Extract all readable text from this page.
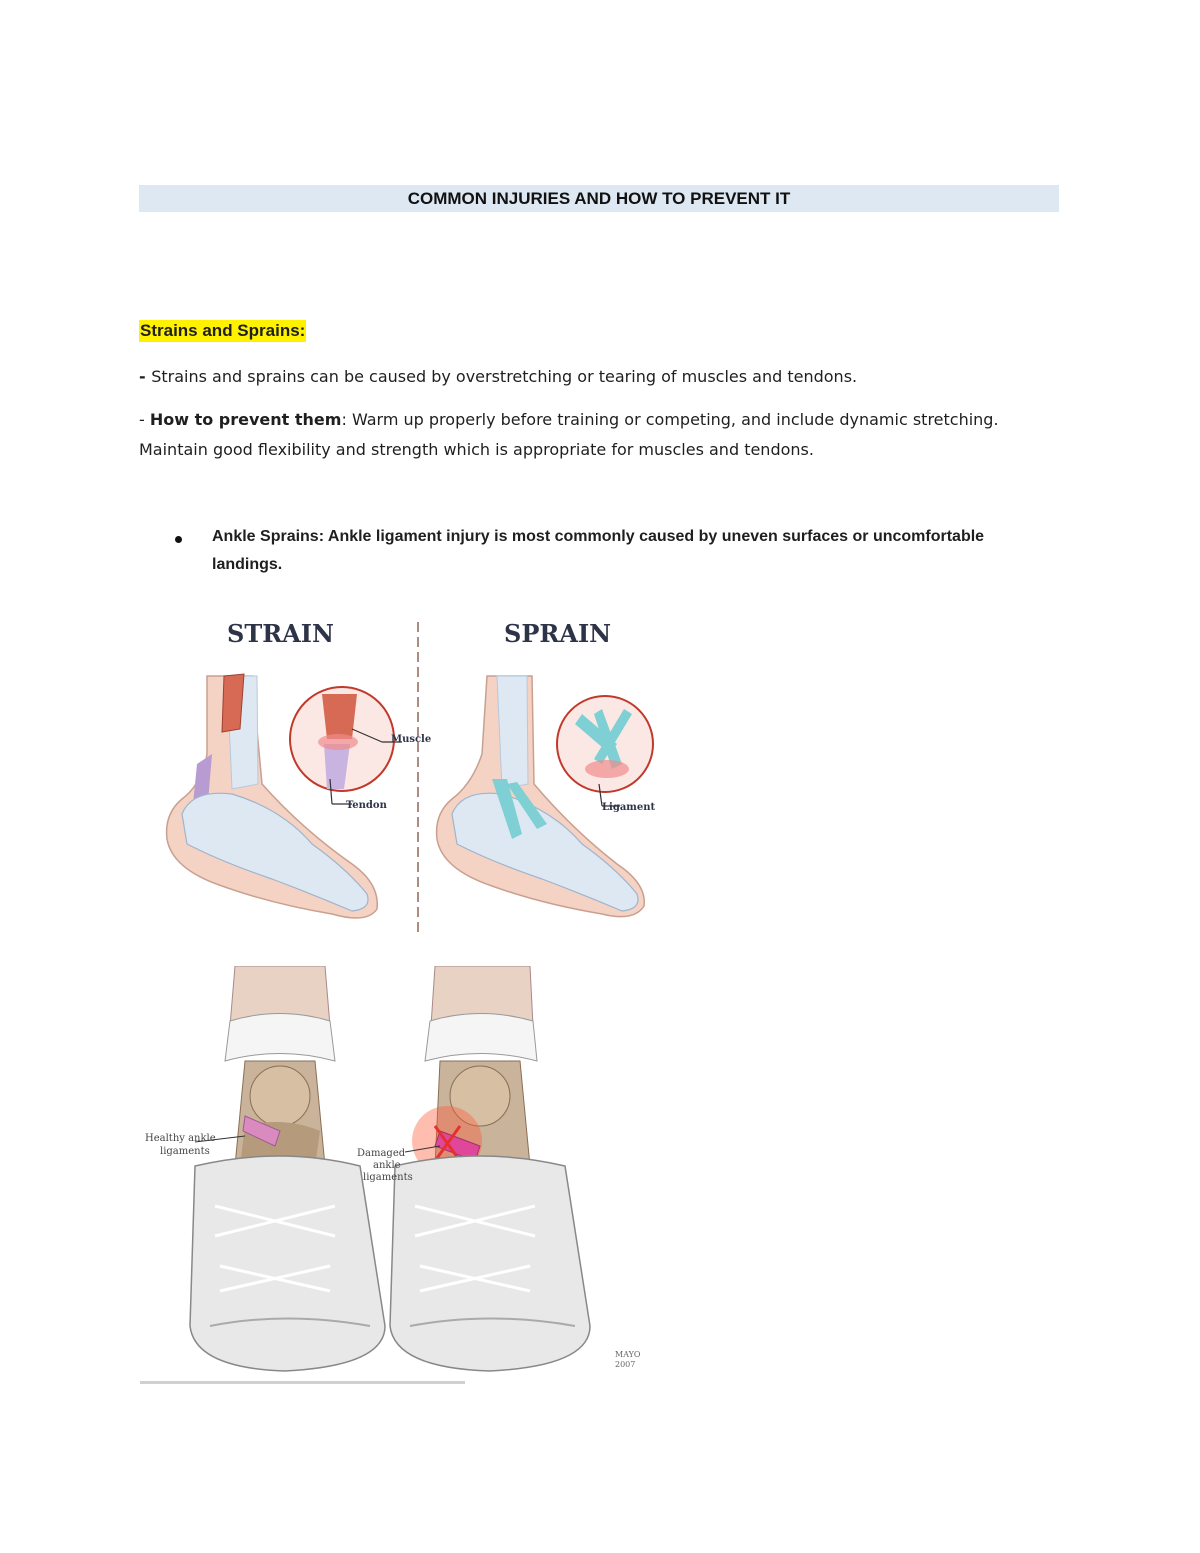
COMMON INJURIES AND HOW TO PREVENT IT
Strains and Sprains:
- Strains and sprains can be caused by overstretching or tearing of muscles and tendons.
- How to prevent them: Warm up properly before training or competing, and include dynamic stretching. Maintain good flexibility and strength which is appropriate for muscles and tendons.
Ankle Sprains: Ankle ligament injury is most commonly caused by uneven surfaces or uncomfortable landings.
STRAIN	SPRAIN
Muscle
Tendon	Ligament
Healthy ankle
ligaments	Damaged
ankle
ligaments
MAYO
2007
